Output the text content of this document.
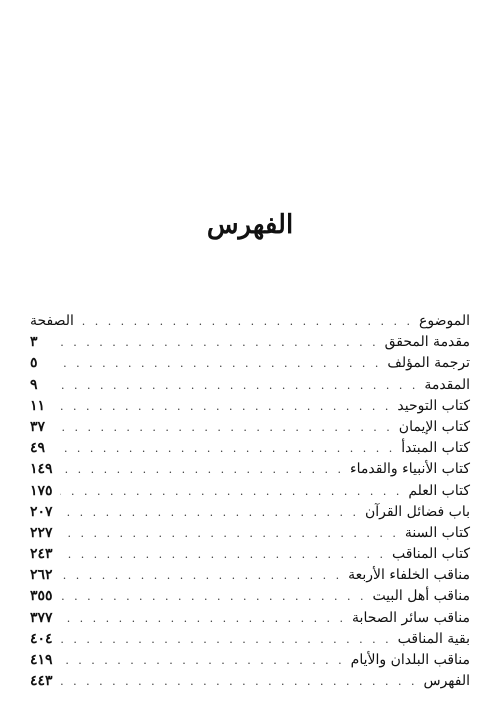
الفهرس
الموضوع
. . .
الصفحة
مقدمة المحقق
. . .
٣
ترجمة المؤلف
. . .
٥
المقدمة
. . .
٩
كتاب التوحيد
. . .
١١
كتاب الإيمان
. . .
٣٧
كتاب المبتدأ
. . .
٤٩
كتاب الأنبياء والقدماء
. . .
١٤٩
كتاب العلم
. . .
١٧٥
باب فضائل القرآن
. . .
٢٠٧
كتاب السنة
. . .
٢٢٧
كتاب المناقب
. . .
٢٤٣
مناقب الخلفاء الأربعة
. . .
٢٦٢
مناقب أهل البيت
. . .
٣٥٥
مناقب سائر الصحابة
. . .
٣٧٧
بقية المناقب
. . .
٤٠٤
مناقب البلدان والأيام
. . .
٤١٩
الفهرس
. . .
٤٤٣
